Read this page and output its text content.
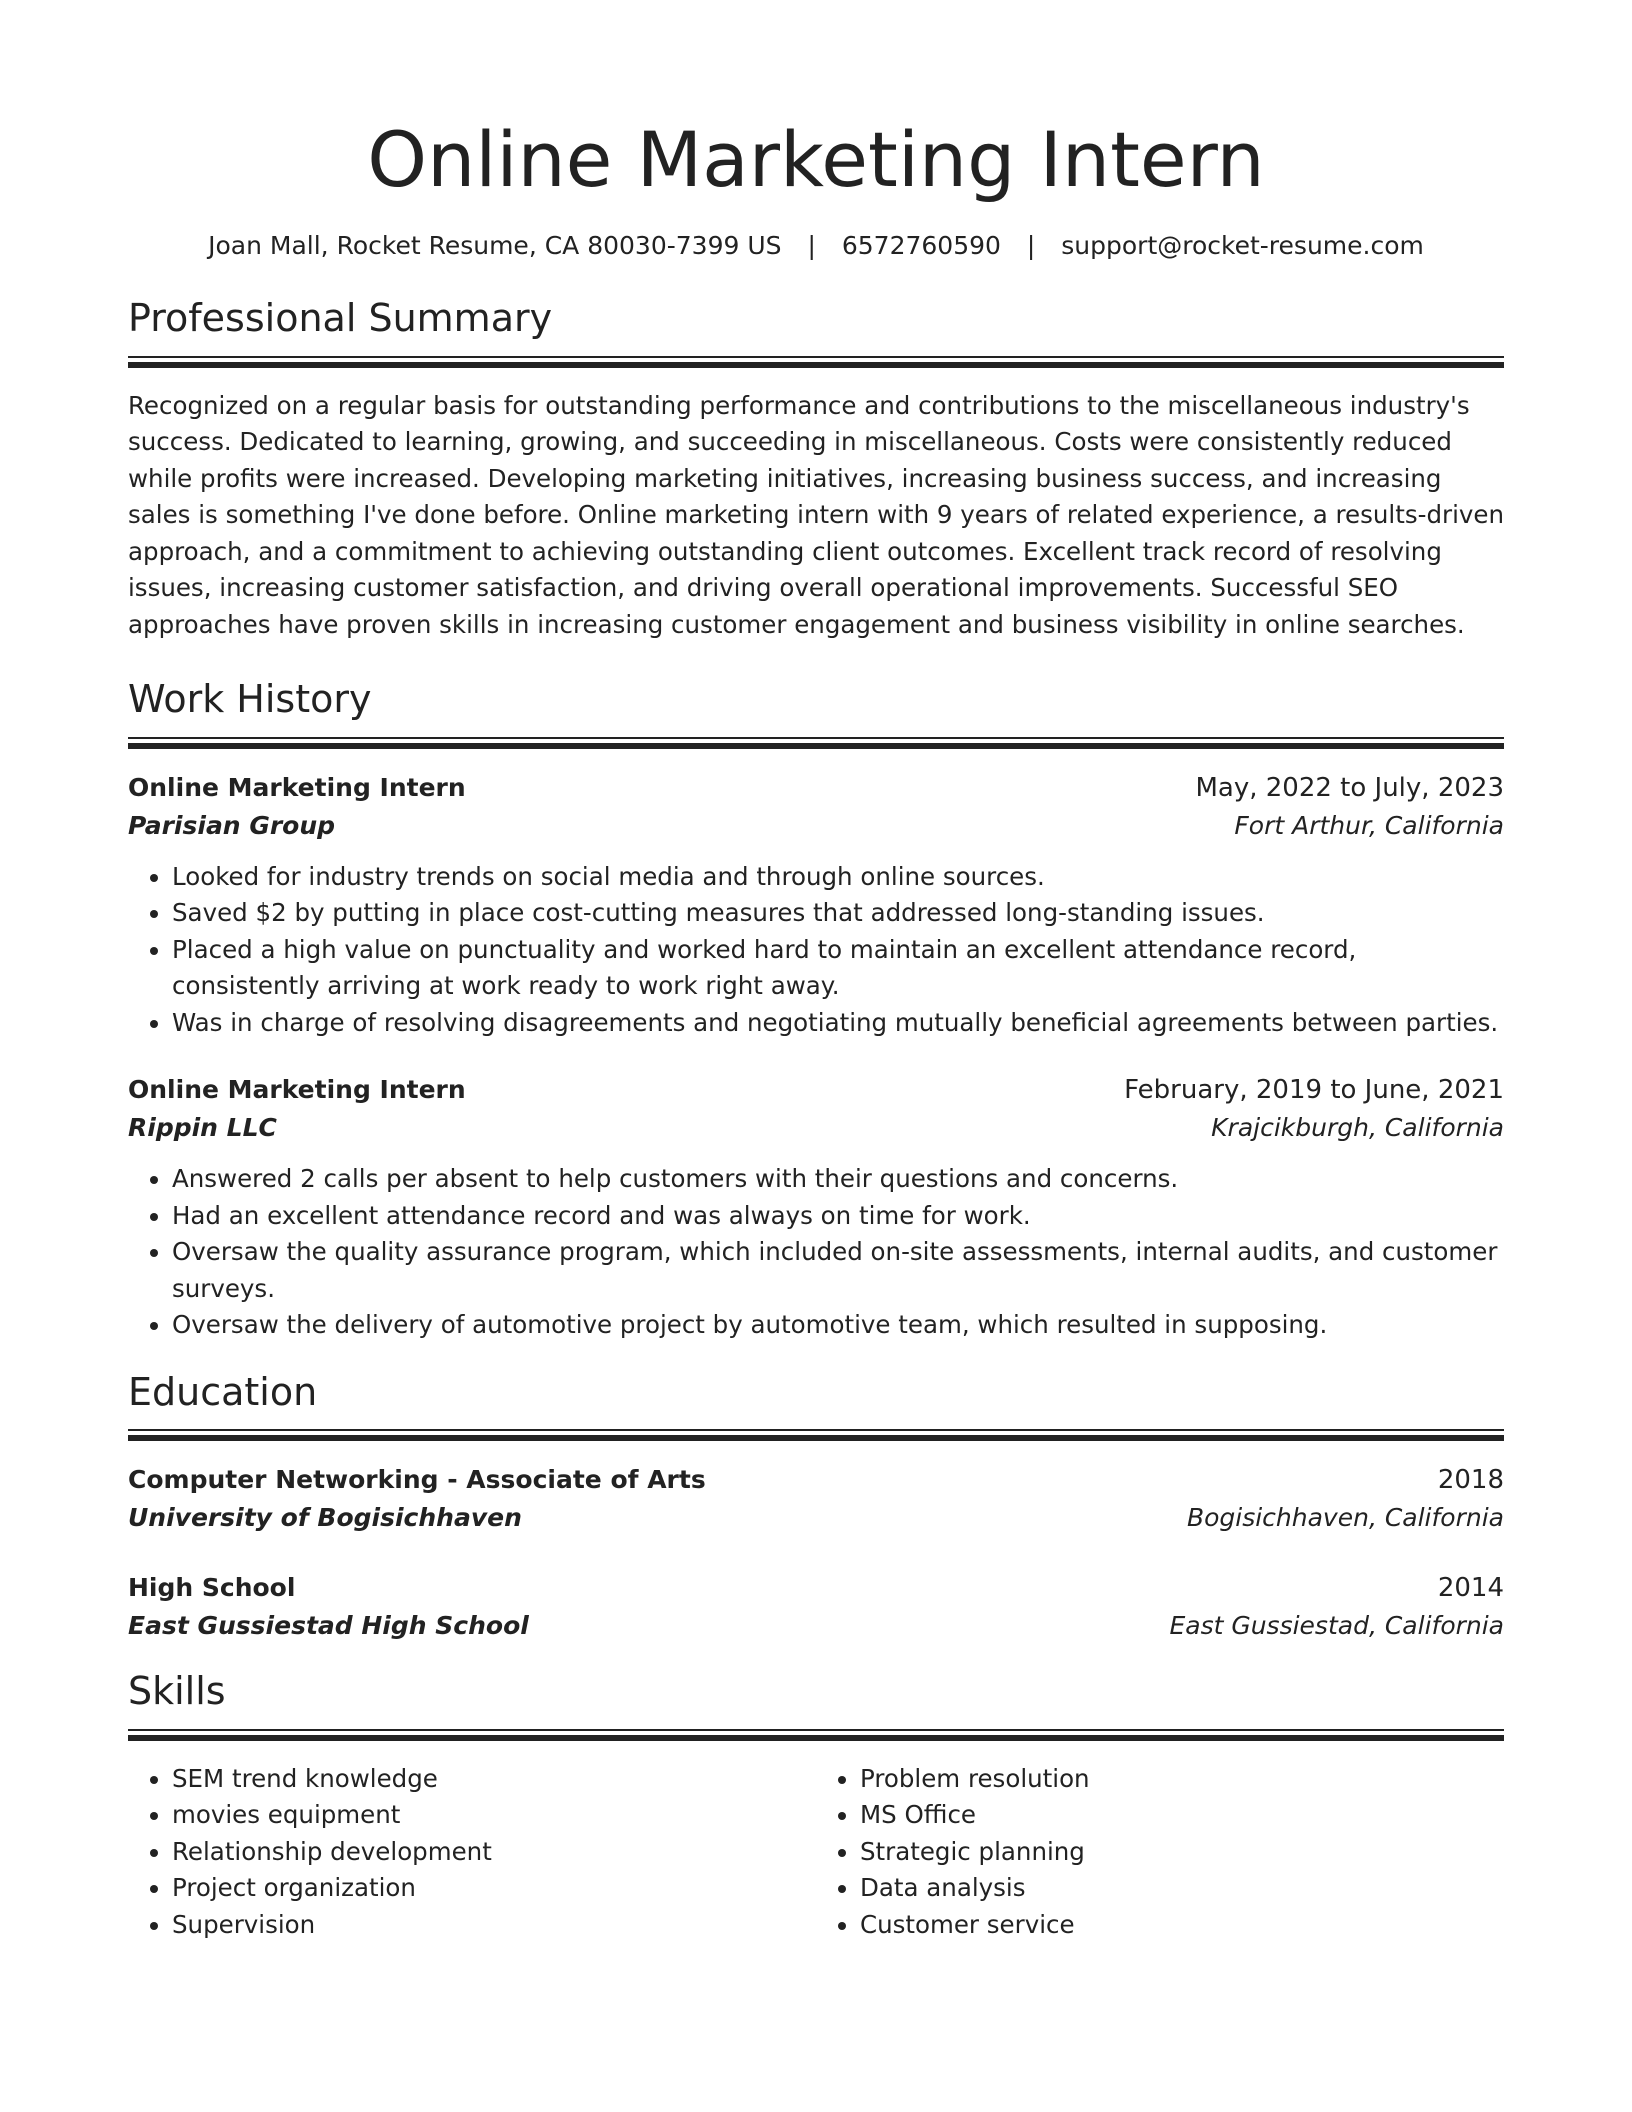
Online Marketing Intern
Joan Mall, Rocket Resume, CA 80030-7399 US | 6572760590 | support@rocket-resume.com
Professional Summary

Recognized on a regular basis for outstanding performance and contributions to the miscellaneous industry's success. Dedicated to learning, growing, and succeeding in miscellaneous. Costs were consistently reduced while profits were increased. Developing marketing initiatives, increasing business success, and increasing sales is something I've done before. Online marketing intern with 9 years of related experience, a results-driven approach, and a commitment to achieving outstanding client outcomes. Excellent track record of resolving issues, increasing customer satisfaction, and driving overall operational improvements. Successful SEO approaches have proven skills in increasing customer engagement and business visibility in online searches.

Work History
Online Marketing Intern	May, 2022 to July, 2023
Parisian Group	Fort Arthur, California
• Looked for industry trends on social media and through online sources.
• Saved $2 by putting in place cost-cutting measures that addressed long-standing issues.
• Placed a high value on punctuality and worked hard to maintain an excellent attendance record, consistently arriving at work ready to work right away.
• Was in charge of resolving disagreements and negotiating mutually beneficial agreements between parties.
Online Marketing Intern	February, 2019 to June, 2021
Rippin LLC	Krajcikburgh, California
• Answered 2 calls per absent to help customers with their questions and concerns.
• Had an excellent attendance record and was always on time for work.
• Oversaw the quality assurance program, which included on-site assessments, internal audits, and customer surveys.
• Oversaw the delivery of automotive project by automotive team, which resulted in supposing.
Education
Computer Networking - Associate of Arts	2018
University of Bogisichhaven	Bogisichhaven, California
High School	2014
East Gussiestad High School	East Gussiestad, California
Skills
• SEM trend knowledge
• movies equipment
• Relationship development
• Project organization
• Supervision
• Problem resolution
• MS Office
• Strategic planning
• Data analysis
• Customer service
